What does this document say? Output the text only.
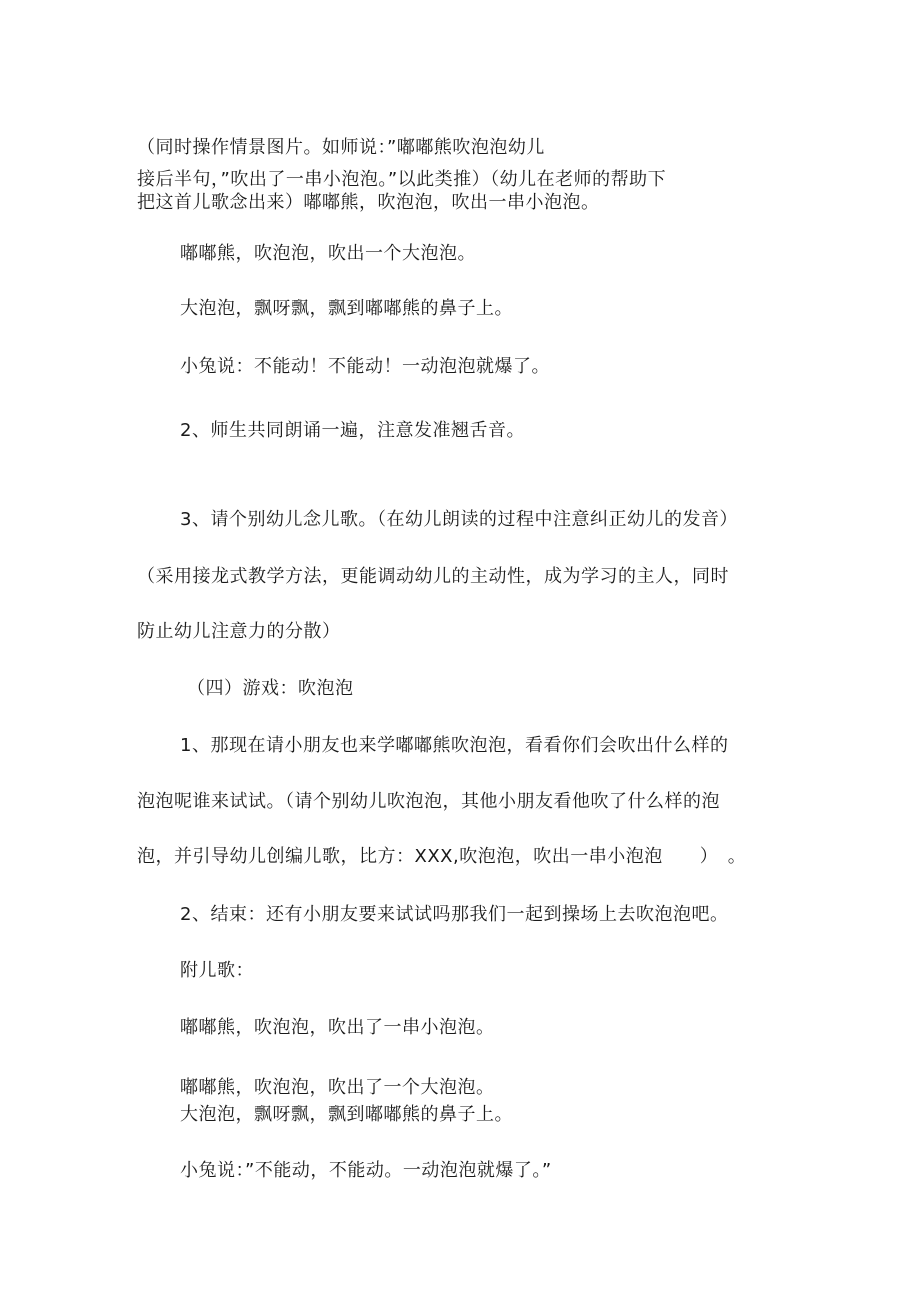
（同时操作情景图片。如师说：”嘟嘟熊吹泡泡幼儿
接后半句，”吹出了一串小泡泡。”以此类推）（幼儿在老师的帮助下
把这首儿歌念出来）嘟嘟熊，吹泡泡，吹出一串小泡泡。
嘟嘟熊，吹泡泡，吹出一个大泡泡。
大泡泡，飘呀飘，飘到嘟嘟熊的鼻子上。
小兔说：不能动！不能动！一动泡泡就爆了。
2、师生共同朗诵一遍，注意发准翘舌音。
3、请个别幼儿念儿歌。（在幼儿朗读的过程中注意纠正幼儿的发音）
（采用接龙式教学方法，更能调动幼儿的主动性，成为学习的主人，同时
防止幼儿注意力的分散）
（四）游戏：吹泡泡
1、那现在请小朋友也来学嘟嘟熊吹泡泡，看看你们会吹出什么样的
泡泡呢谁来试试。（请个别幼儿吹泡泡，其他小朋友看他吹了什么样的泡
泡，并引导幼儿创编儿歌，比方：XXX,吹泡泡，吹出一串小泡泡　　）　。
2、结束：还有小朋友要来试试吗那我们一起到操场上去吹泡泡吧。
附儿歌：
嘟嘟熊，吹泡泡，吹出了一串小泡泡。
嘟嘟熊，吹泡泡，吹出了一个大泡泡。
大泡泡，飘呀飘，飘到嘟嘟熊的鼻子上。
小兔说：”不能动，不能动。一动泡泡就爆了。”
